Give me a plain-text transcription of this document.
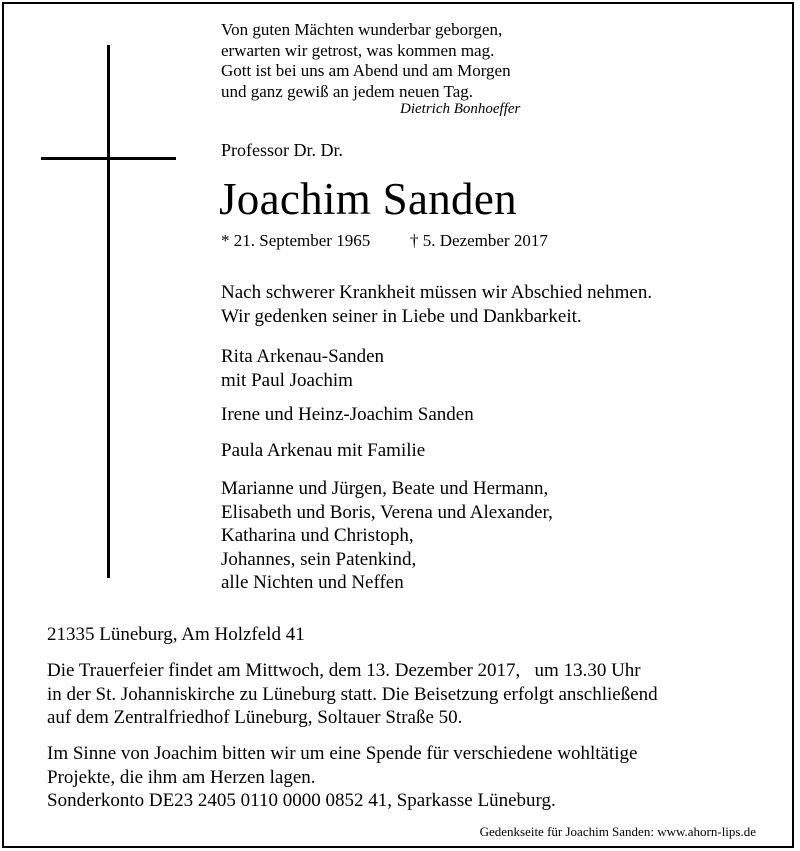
Von guten Mächten wunderbar geborgen,
erwarten wir getrost, was kommen mag.
Gott ist bei uns am Abend und am Morgen
und ganz gewiß an jedem neuen Tag.
Dietrich Bonhoeffer
Professor Dr. Dr.
Joachim Sanden
* 21. September 1965 † 5. Dezember 2017
Nach schwerer Krankheit müssen wir Abschied nehmen.
Wir gedenken seiner in Liebe und Dankbarkeit.
Rita Arkenau-Sanden
mit Paul Joachim
Irene und Heinz-Joachim Sanden
Paula Arkenau mit Familie
Marianne und Jürgen, Beate und Hermann,
Elisabeth und Boris, Verena und Alexander,
Katharina und Christoph,
Johannes, sein Patenkind,
alle Nichten und Neffen
21335 Lüneburg, Am Holzfeld 41
Die Trauerfeier findet am Mittwoch, dem 13. Dezember 2017,   um 13.30 Uhr
in der St. Johanniskirche zu Lüneburg statt. Die Beisetzung erfolgt anschließend
auf dem Zentralfriedhof Lüneburg, Soltauer Straße 50.
Im Sinne von Joachim bitten wir um eine Spende für verschiedene wohltätige
Projekte, die ihm am Herzen lagen.
Sonderkonto DE23 2405 0110 0000 0852 41, Sparkasse Lüneburg.
Gedenkseite für Joachim Sanden: www.ahorn-lips.de
